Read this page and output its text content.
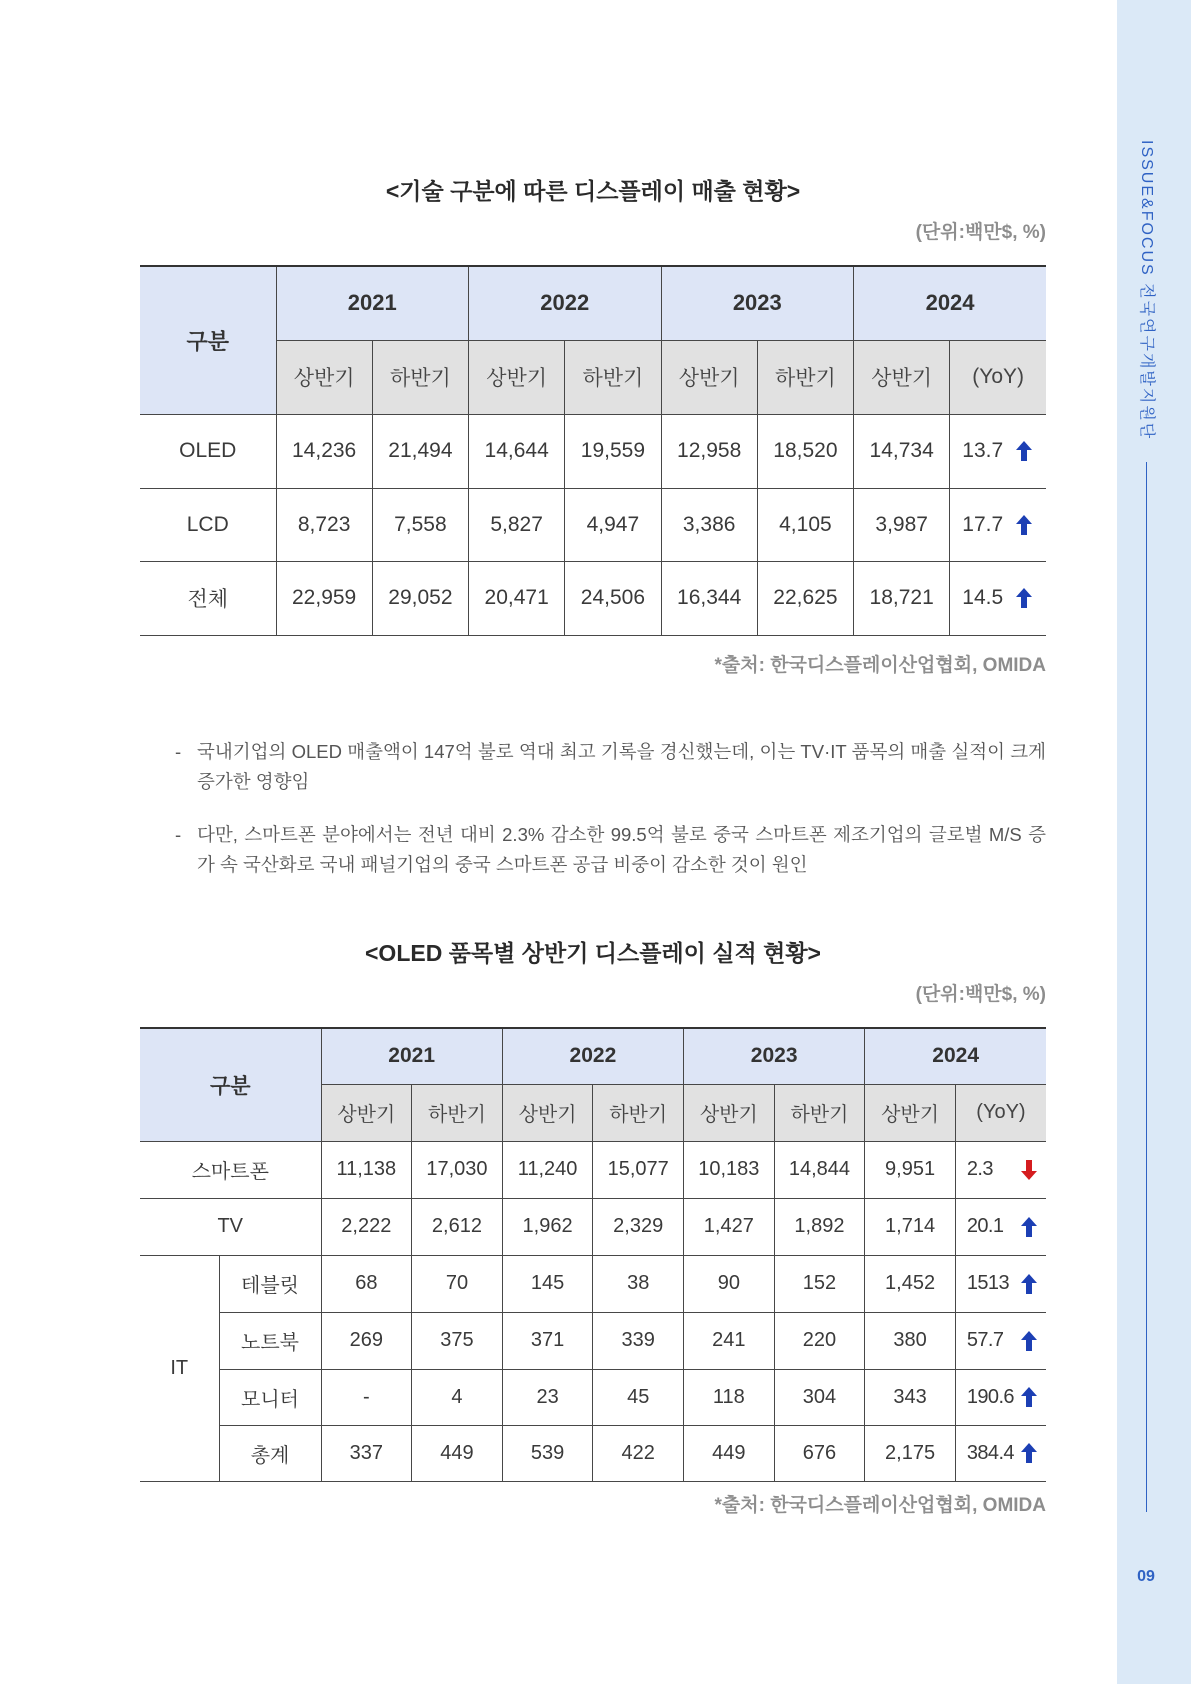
ISSUE&FOCUS 전국연구개발지원단
09
<기술 구분에 따른 디스플레이 매출 현황>
(단위:백만$, %)
구분	2021		2022		2023		2024	
	상반기	하반기	상반기	하반기	상반기	하반기	상반기	(YoY)
OLED	14,236	21,494	14,644	19,559	12,958	18,520	14,734	13.7

LCD	8,723	7,558	5,827	4,947	3,386	4,105	3,987	17.7

전체	22,959	29,052	20,471	24,506	16,344	22,625	18,721	14.5
*출처: 한국디스플레이산업협회, OMIDA
- 국내기업의 OLED 매출액이 147억 불로 역대 최고 기록을 경신했는데, 이는 TV·IT 품목의 매출 실적이 크게 증가한 영향임
- 다만, 스마트폰 분야에서는 전년 대비 2.3% 감소한 99.5억 불로 중국 스마트폰 제조기업의 글로벌 M/S 증가 속 국산화로 국내 패널기업의 중국 스마트폰 공급 비중이 감소한 것이 원인
<OLED 품목별 상반기 디스플레이 실적 현황>
(단위:백만$, %)
구분		2021		2022		2023		2024	
		상반기	하반기	상반기	하반기	상반기	하반기	상반기	(YoY)
스마트폰		11,138	17,030	11,240	15,077	10,183	14,844	9,951	2.3

TV		2,222	2,612	1,962	2,329	1,427	1,892	1,714	20.1

IT	테블릿	68	70	145	38	90	152	1,452	1513

	노트북	269	375	371	339	241	220	380	57.7

	모니터	-	4	23	45	118	304	343	190.6

	총계	337	449	539	422	449	676	2,175	384.4
*출처: 한국디스플레이산업협회, OMIDA
